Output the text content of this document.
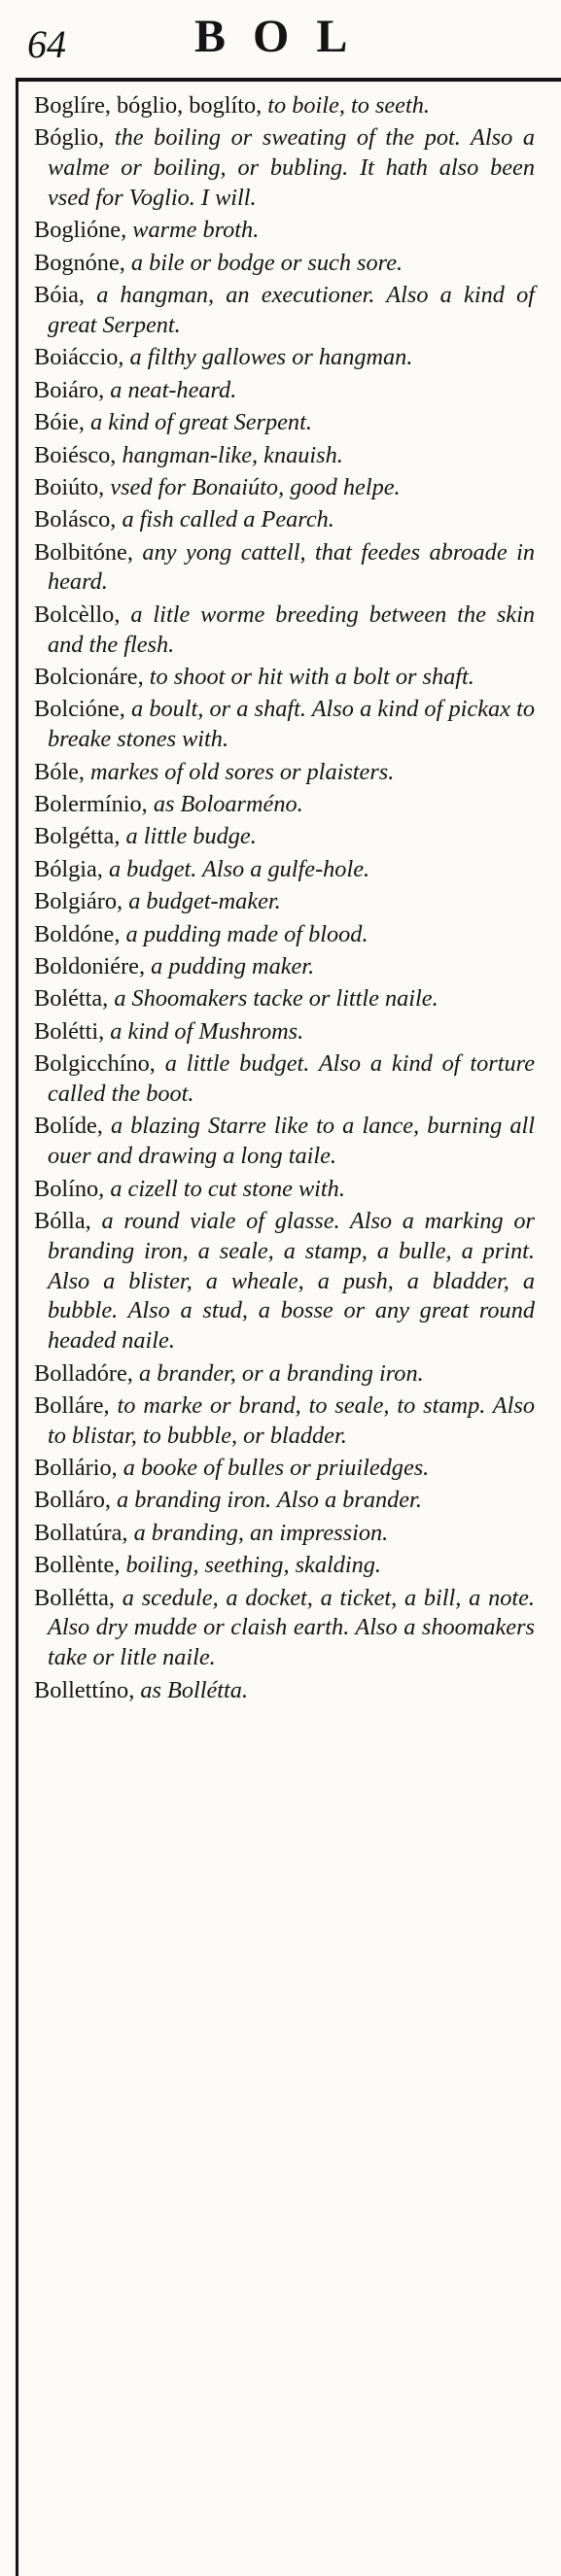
64	BOL

Boglíre, bóglio, boglíto, to boile, to seeth.

Bóglio, the boiling or sweating of the pot. Also a walme or boiling, or bubling. It hath also been vsed for Voglio. I will.

Boglióne, warme broth.

Bognóne, a bile or bodge or such sore.

Bóia, a hangman, an executioner. Also a kind of great Serpent.

Boiáccio, a filthy gallowes or hangman.

Boiáro, a neat-heard.

Bóie, a kind of great Serpent.

Boiésco, hangman-like, knauish.

Boiúto, vsed for Bonaiúto, good helpe.

Bolásco, a fish called a Pearch.

Bolbitóne, any yong cattell, that feedes abroade in heard.

Bolcèllo, a litle worme breeding between the skin and the flesh.

Bolcionáre, to shoot or hit with a bolt or shaft.

Bolcióne, a boult, or a shaft. Also a kind of pickax to breake stones with.

Bóle, markes of old sores or plaisters.

Bolermínio, as Boloarméno.

Bolgétta, a little budge.

Bólgia, a budget. Also a gulfe-hole.

Bolgiáro, a budget-maker.

Boldóne, a pudding made of blood.

Boldoniére, a pudding maker.

Bolétta, a Shoomakers tacke or little naile.

Bolétti, a kind of Mushroms.

Bolgicchíno, a little budget. Also a kind of torture called the boot.

Bolíde, a blazing Starre like to a lance, burning all ouer and drawing a long taile.

Bolíno, a cizell to cut stone with.

Bólla, a round viale of glasse. Also a marking or branding iron, a seale, a stamp, a bulle, a print. Also a blister, a wheale, a push, a bladder, a bubble. Also a stud, a bosse or any great round headed naile.

Bolladóre, a brander, or a branding iron.

Bolláre, to marke or brand, to seale, to stamp. Also to blistar, to bubble, or bladder.

Bollário, a booke of bulles or priuiledges.

Bolláro, a branding iron. Also a brander.

Bollatúra, a branding, an impression.

Bollènte, boiling, seething, skalding.

Bollétta, a scedule, a docket, a ticket, a bill, a note. Also dry mudde or claish earth. Also a shoomakers take or litle naile.

Bollettíno, as Bollétta.
